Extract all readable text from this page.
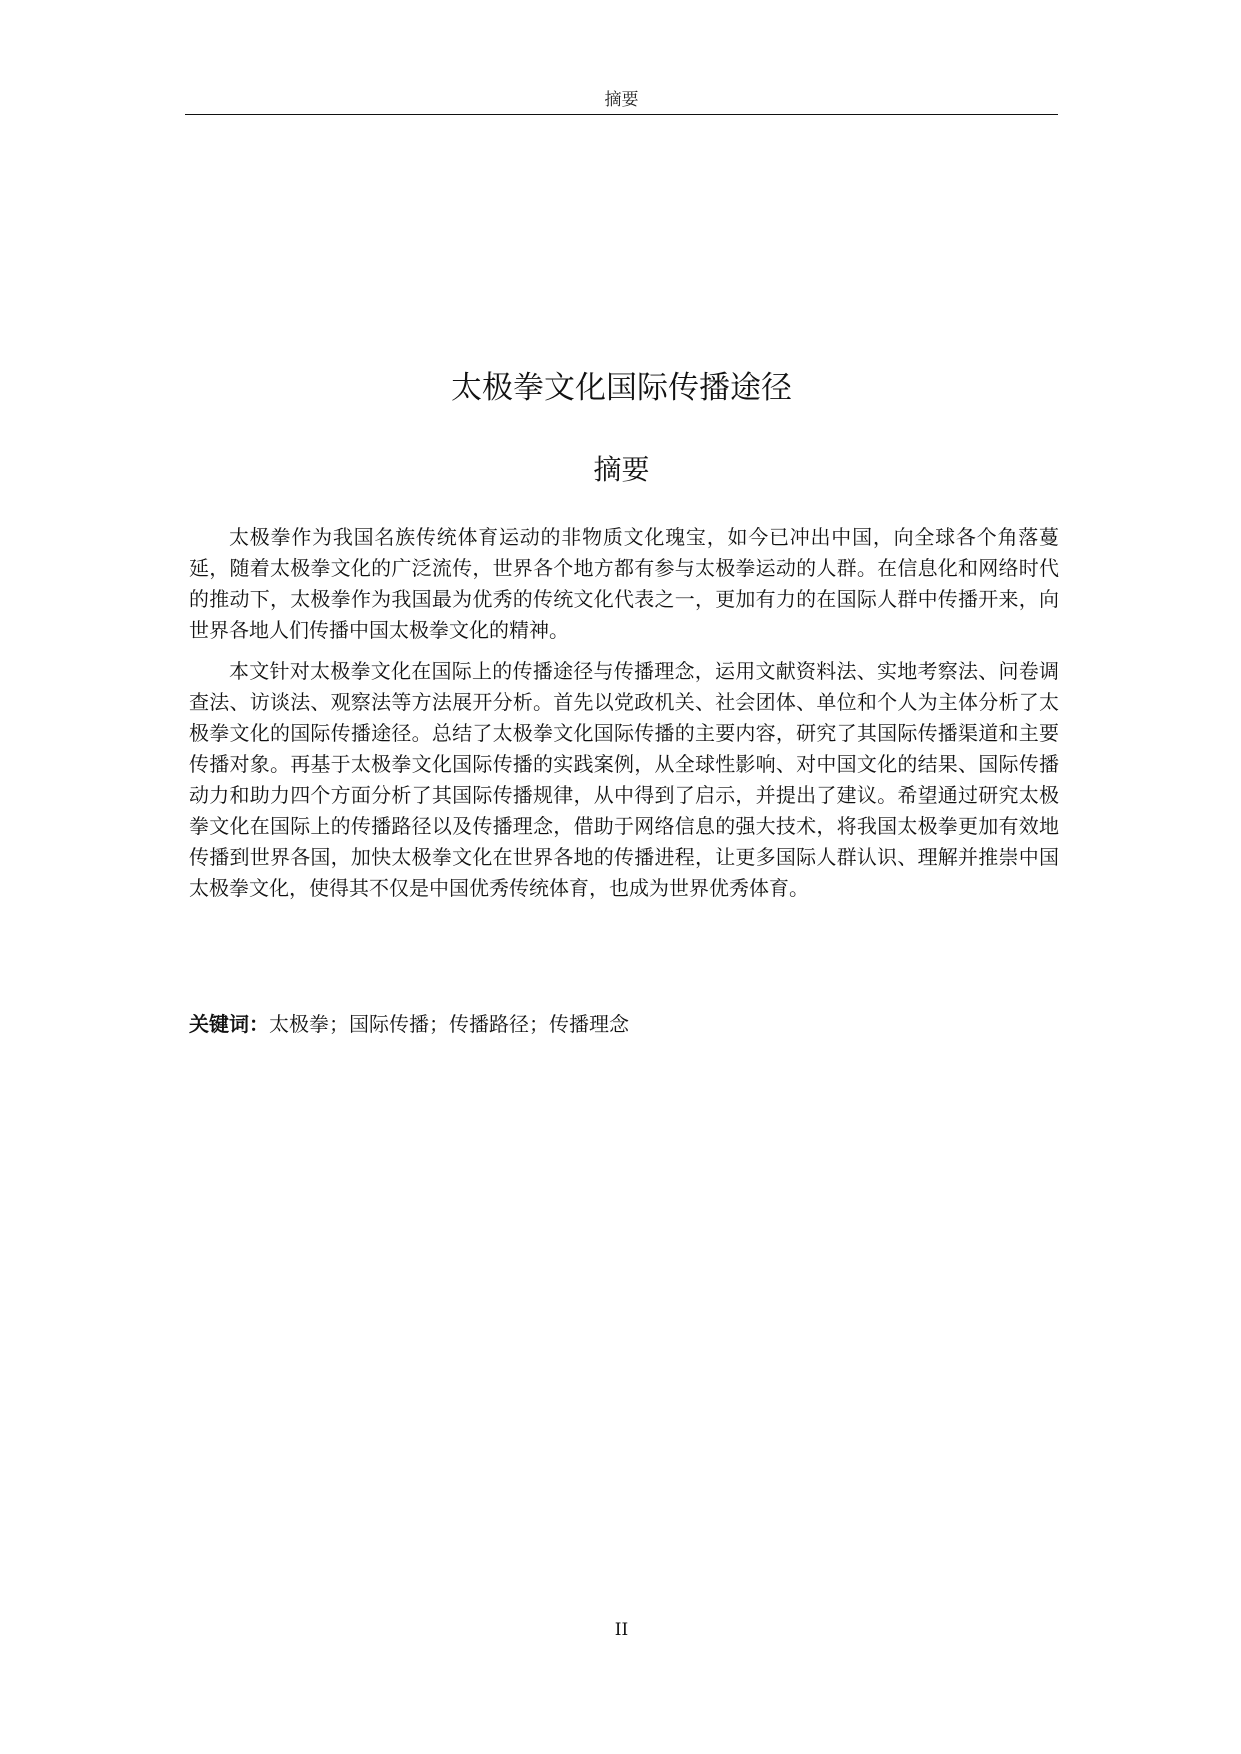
摘要
太极拳文化国际传播途径
摘要

太极拳作为我国名族传统体育运动的非物质文化瑰宝，如今已冲出中国，向全球各个角落蔓延，随着太极拳文化的广泛流传，世界各个地方都有参与太极拳运动的人群。在信息化和网络时代的推动下，太极拳作为我国最为优秀的传统文化代表之一，更加有力的在国际人群中传播开来，向世界各地人们传播中国太极拳文化的精神。

本文针对太极拳文化在国际上的传播途径与传播理念，运用文献资料法、实地考察法、问卷调查法、访谈法、观察法等方法展开分析。首先以党政机关、社会团体、单位和个人为主体分析了太极拳文化的国际传播途径。总结了太极拳文化国际传播的主要内容，研究了其国际传播渠道和主要传播对象。再基于太极拳文化国际传播的实践案例，从全球性影响、对中国文化的结果、国际传播动力和助力四个方面分析了其国际传播规律，从中得到了启示，并提出了建议。希望通过研究太极拳文化在国际上的传播路径以及传播理念，借助于网络信息的强大技术，将我国太极拳更加有效地传播到世界各国，加快太极拳文化在世界各地的传播进程，让更多国际人群认识、理解并推崇中国太极拳文化，使得其不仅是中国优秀传统体育，也成为世界优秀体育。

关键词：太极拳；国际传播；传播路径；传播理念
II
